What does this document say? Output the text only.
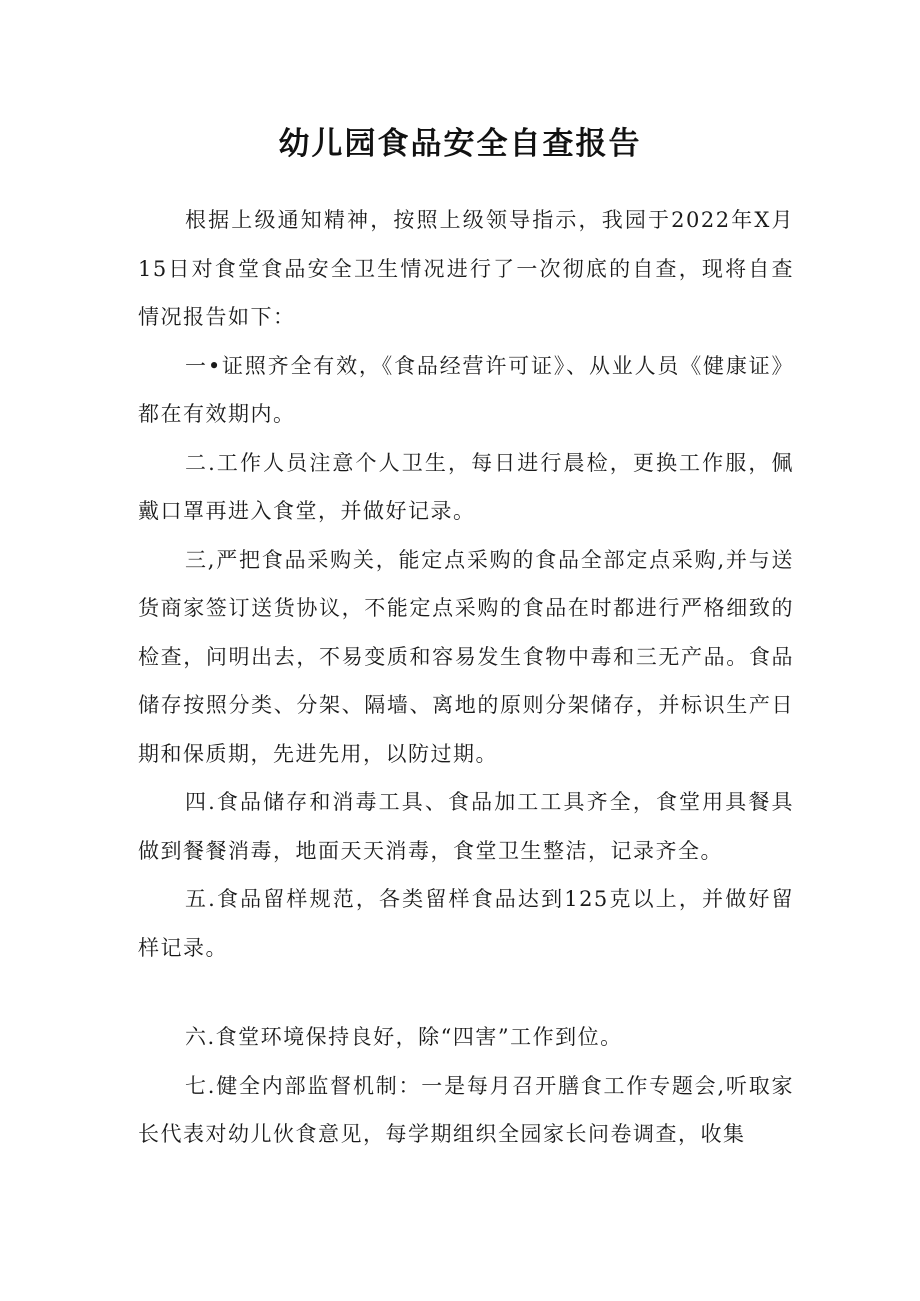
幼儿园食品安全自查报告

根据上级通知精神，按照上级领导指示，我园于2022年X月15日对食堂食品安全卫生情况进行了一次彻底的自查，现将自查情况报告如下：

一•证照齐全有效，《食品经营许可证》、从业人员《健康证》都在有效期内。

二.工作人员注意个人卫生，每日进行晨检，更换工作服，佩戴口罩再进入食堂，并做好记录。

三,严把食品采购关，能定点采购的食品全部定点采购,并与送货商家签订送货协议，不能定点采购的食品在时都进行严格细致的检查，问明出去，不易变质和容易发生食物中毒和三无产品。食品储存按照分类、分架、隔墙、离地的原则分架储存，并标识生产日期和保质期，先进先用，以防过期。

四.食品储存和消毒工具、食品加工工具齐全，食堂用具餐具做到餐餐消毒，地面天天消毒，食堂卫生整洁，记录齐全。

五.食品留样规范，各类留样食品达到125克以上，并做好留样记录。

六.食堂环境保持良好，除“四害”工作到位。

七.健全内部监督机制：一是每月召开膳食工作专题会,听取家长代表对幼儿伙食意见，每学期组织全园家长问卷调查，收集
